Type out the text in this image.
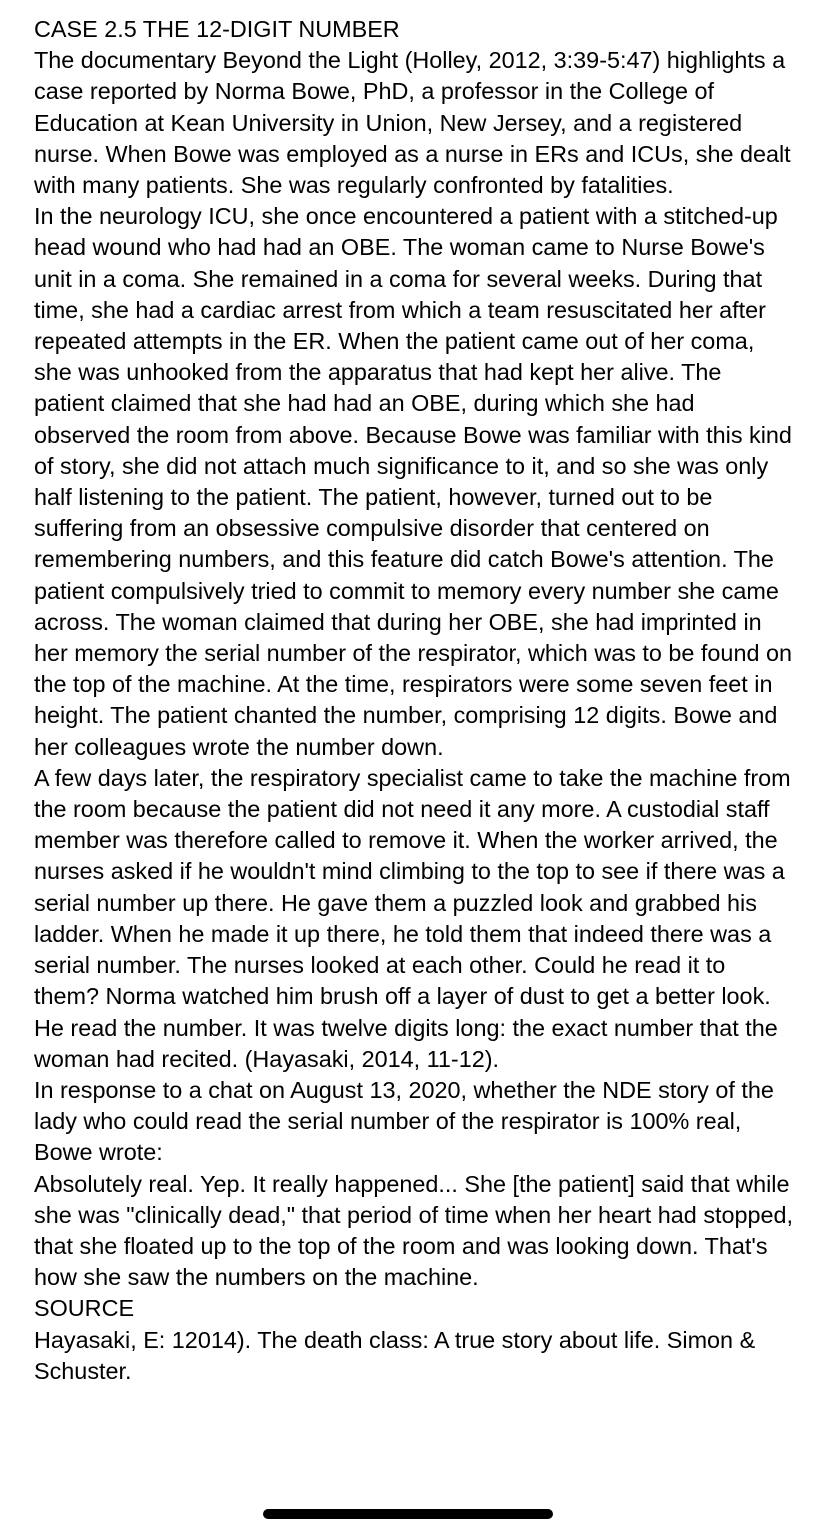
CASE 2.5 THE 12-DIGIT NUMBER

The documentary Beyond the Light (Holley, 2012, 3:39-5:47) highlights a case reported by Norma Bowe, PhD, a professor in the College of Education at Kean University in Union, New Jersey, and a registered nurse. When Bowe was employed as a nurse in ERs and ICUs, she dealt with many patients. She was regularly confronted by fatalities.

In the neurology ICU, she once encountered a patient with a stitched-up head wound who had had an OBE. The woman came to Nurse Bowe's unit in a coma. She remained in a coma for several weeks. During that time, she had a cardiac arrest from which a team resuscitated her after repeated attempts in the ER. When the patient came out of her coma, she was unhooked from the apparatus that had kept her alive. The patient claimed that she had had an OBE, during which she had observed the room from above. Because Bowe was familiar with this kind of story, she did not attach much significance to it, and so she was only half listening to the patient. The patient, however, turned out to be suffering from an obsessive compulsive disorder that centered on remembering numbers, and this feature did catch Bowe's attention. The patient compulsively tried to commit to memory every number she came across. The woman claimed that during her OBE, she had imprinted in her memory the serial number of the respirator, which was to be found on the top of the machine. At the time, respirators were some seven feet in height. The patient chanted the number, comprising 12 digits. Bowe and her colleagues wrote the number down.

A few days later, the respiratory specialist came to take the machine from the room because the patient did not need it any more. A custodial staff member was therefore called to remove it. When the worker arrived, the nurses asked if he wouldn't mind climbing to the top to see if there was a serial number up there. He gave them a puzzled look and grabbed his ladder. When he made it up there, he told them that indeed there was a serial number. The nurses looked at each other. Could he read it to them? Norma watched him brush off a layer of dust to get a better look. He read the number. It was twelve digits long: the exact number that the woman had recited. (Hayasaki, 2014, 11-12).

In response to a chat on August 13, 2020, whether the NDE story of the lady who could read the serial number of the respirator is 100% real, Bowe wrote:

Absolutely real. Yep. It really happened... She [the patient] said that while she was "clinically dead," that period of time when her heart had stopped, that she floated up to the top of the room and was looking down. That's how she saw the numbers on the machine.

SOURCE

Hayasaki, E: 12014). The death class: A true story about life. Simon & Schuster.
